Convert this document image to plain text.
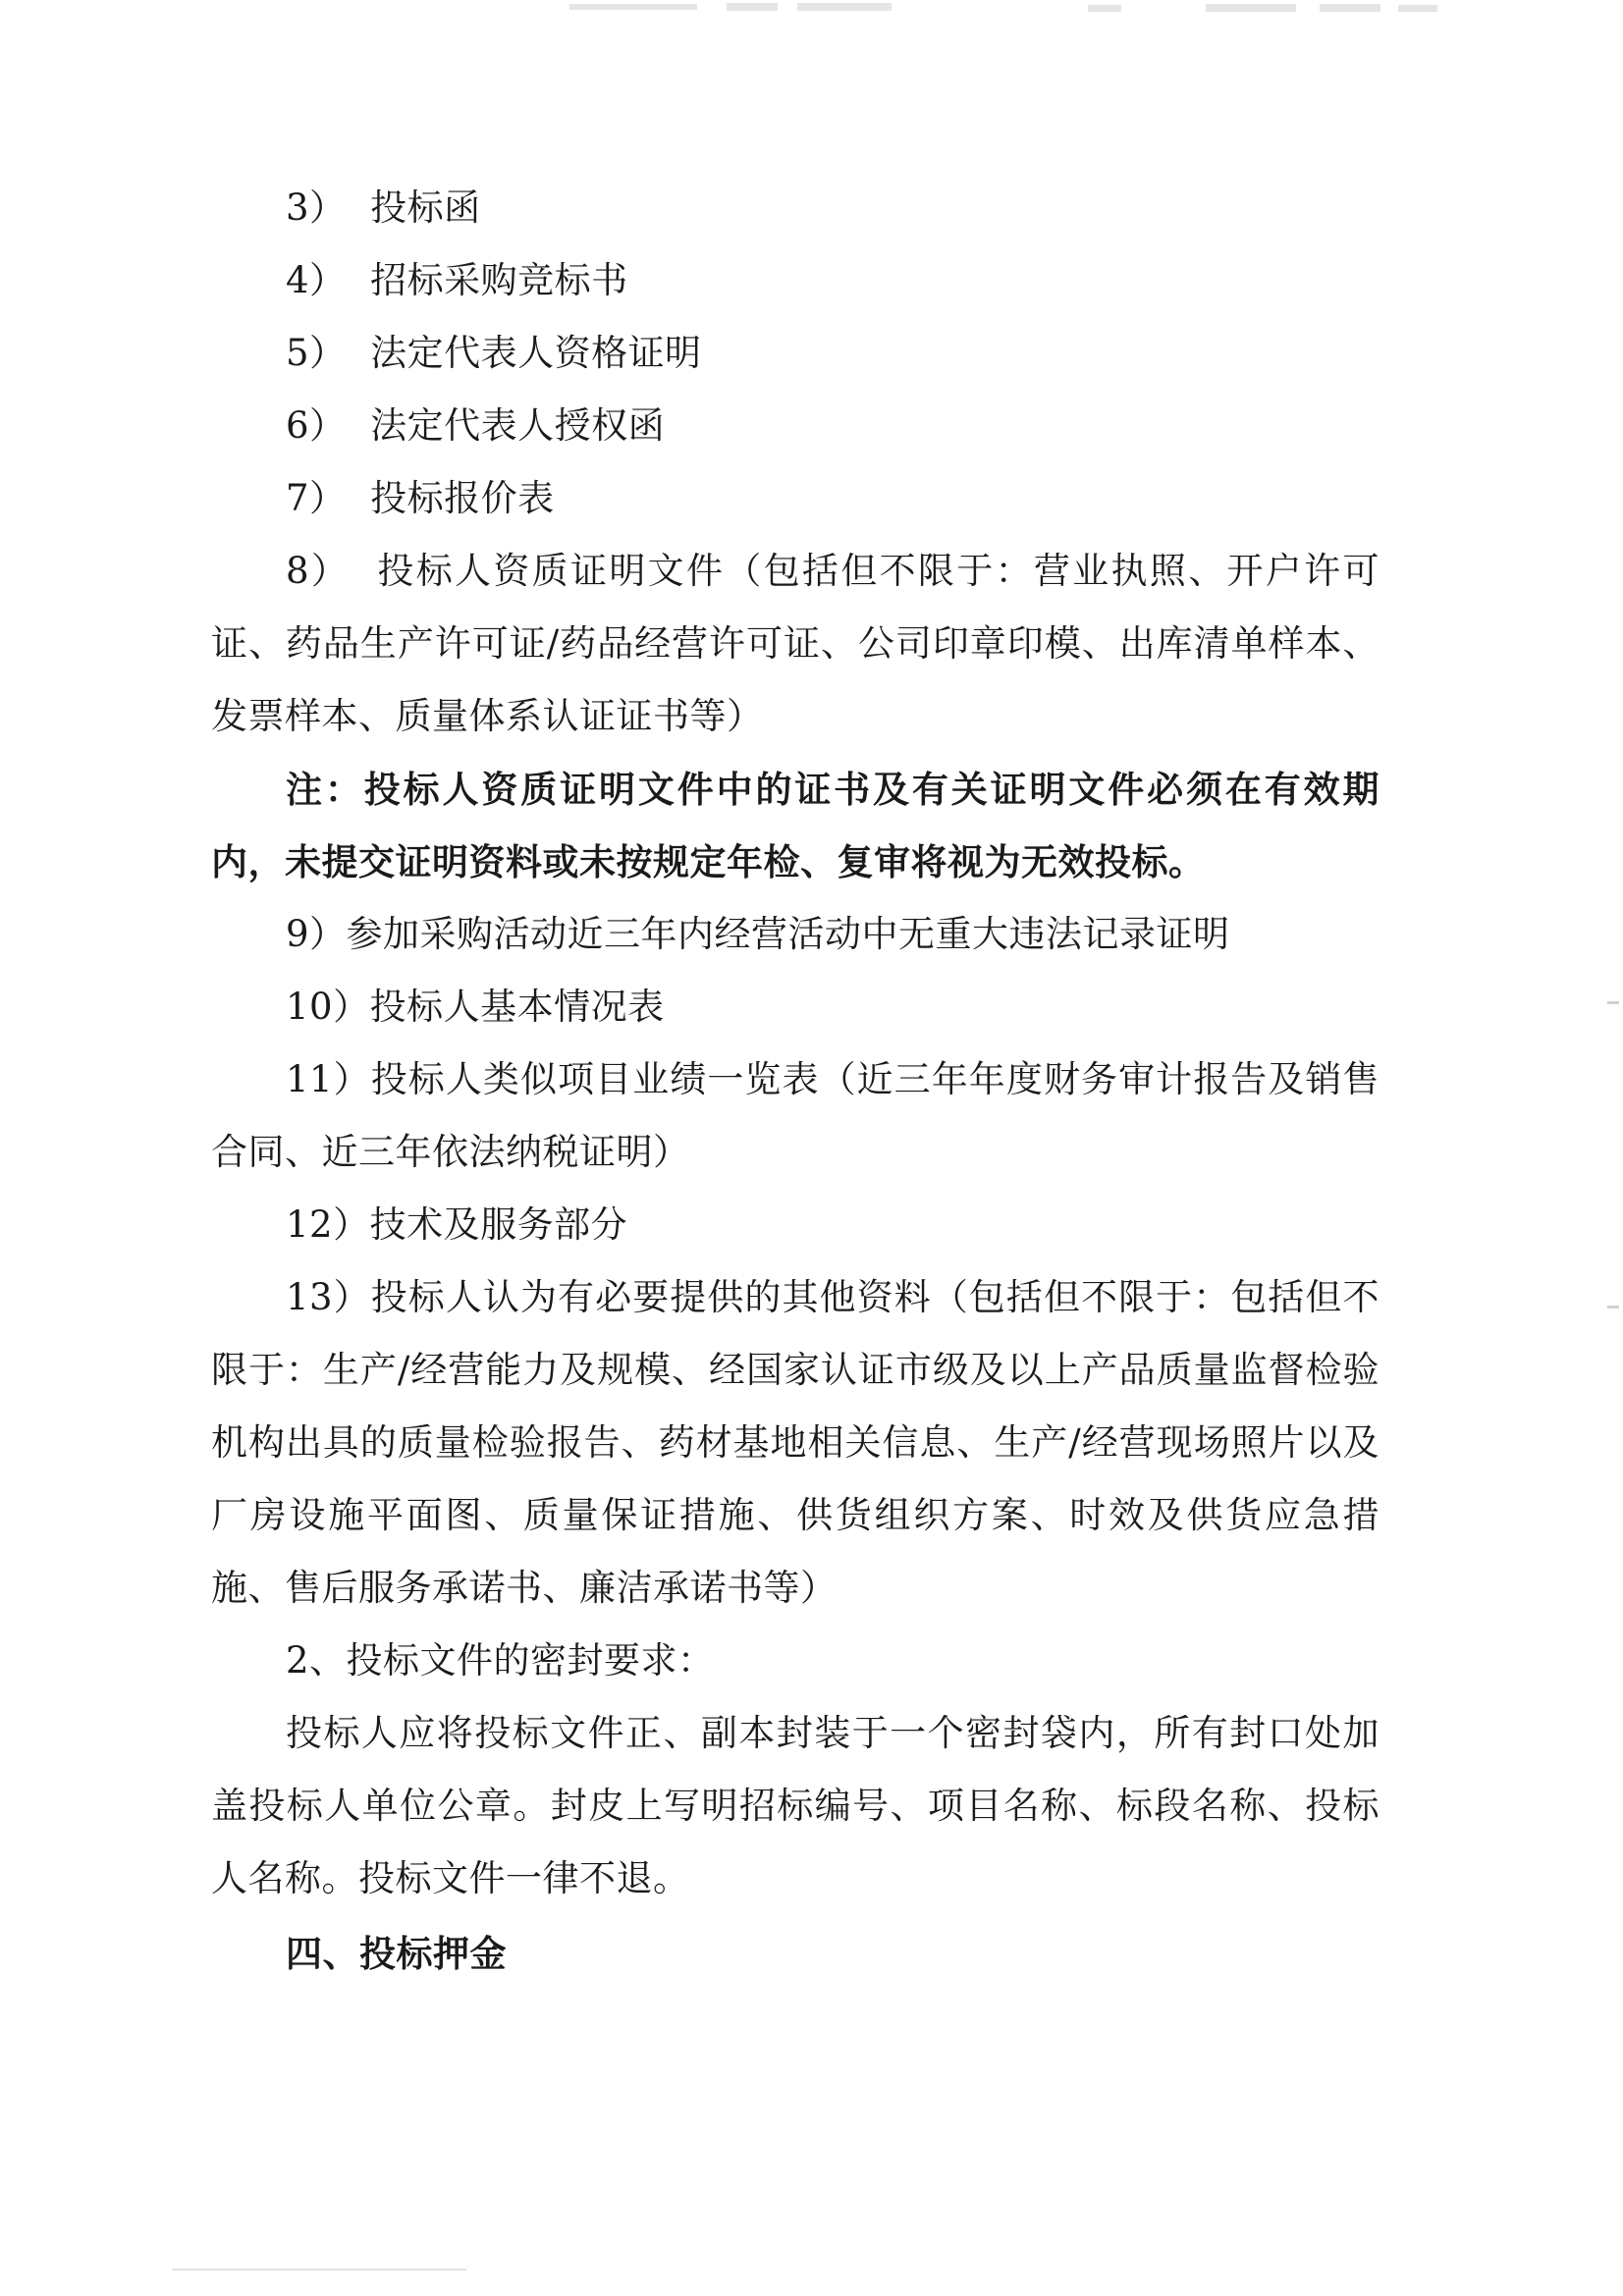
3）  投标函

4）  招标采购竞标书

5）  法定代表人资格证明

6）  法定代表人授权函

7）  投标报价表

8）  投标人资质证明文件（包括但不限于：营业执照、开户许可证、药品生产许可证/药品经营许可证、公司印章印模、出库清单样本、发票样本、质量体系认证证书等）

注：投标人资质证明文件中的证书及有关证明文件必须在有效期内，未提交证明资料或未按规定年检、复审将视为无效投标。

9）参加采购活动近三年内经营活动中无重大违法记录证明

10）投标人基本情况表

11）投标人类似项目业绩一览表（近三年年度财务审计报告及销售  合同、近三年依法纳税证明）

12）技术及服务部分

13）投标人认为有必要提供的其他资料（包括但不限于：包括但不限于：生产/经营能力及规模、经国家认证市级及以上产品质量监督检验机构出具的质量检验报告、药材基地相关信息、生产/经营现场照片以及厂房设施平面图、质量保证措施、供货组织方案、时效及供货应急措施、售后服务承诺书、廉洁承诺书等）

2、投标文件的密封要求：

投标人应将投标文件正、副本封装于一个密封袋内，所有封口处加盖投标人单位公章。封皮上写明招标编号、项目名称、标段名称、投标人名称。投标文件一律不退。

四、投标押金
